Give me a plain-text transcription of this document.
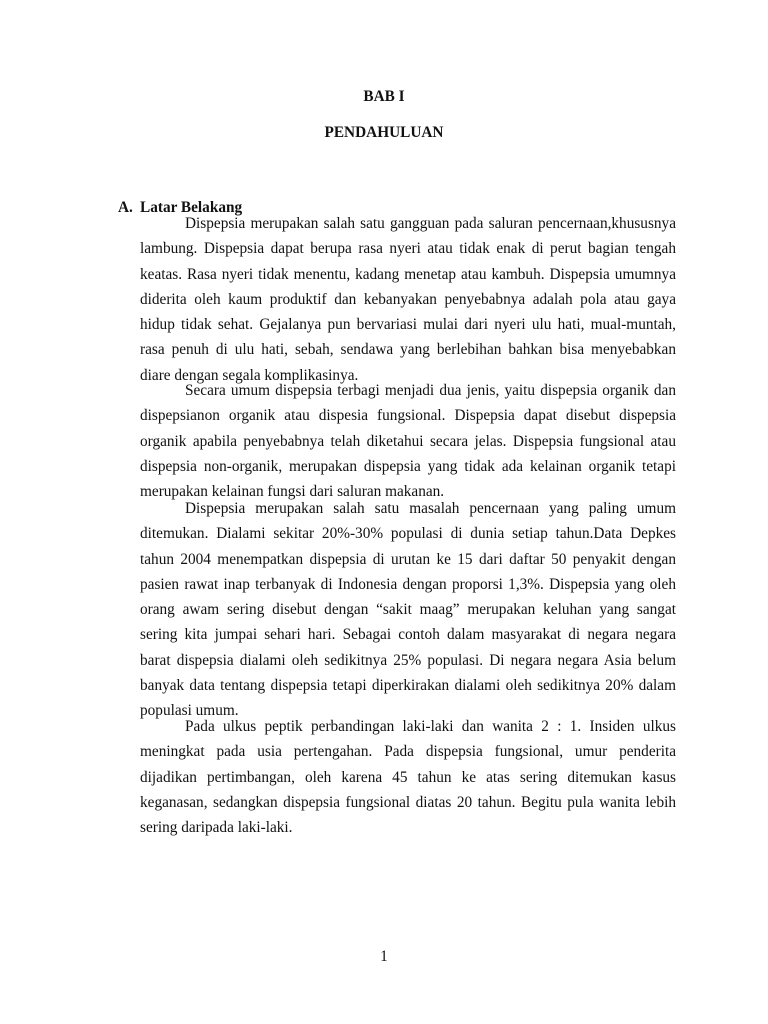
BAB I
PENDAHULUAN
A. Latar Belakang
Dispepsia merupakan salah satu gangguan pada saluran pencernaan,khususnya
lambung. Dispepsia dapat berupa rasa nyeri atau tidak enak di perut bagian tengah
keatas. Rasa nyeri tidak menentu, kadang menetap atau kambuh. Dispepsia umumnya
diderita oleh kaum produktif dan kebanyakan penyebabnya adalah pola atau gaya
hidup tidak sehat. Gejalanya pun bervariasi mulai dari nyeri ulu hati, mual-muntah,
rasa penuh di ulu hati, sebah, sendawa yang berlebihan bahkan bisa menyebabkan
diare dengan segala komplikasinya.
Secara umum dispepsia terbagi menjadi dua jenis, yaitu dispepsia organik dan
dispepsianon organik atau dispesia fungsional. Dispepsia dapat disebut dispepsia
organik apabila penyebabnya telah diketahui secara jelas. Dispepsia fungsional atau
dispepsia non-organik, merupakan dispepsia yang tidak ada kelainan organik tetapi
merupakan kelainan fungsi dari saluran makanan.
Dispepsia merupakan salah satu masalah pencernaan yang paling umum
ditemukan. Dialami sekitar 20%-30% populasi di dunia setiap tahun.Data Depkes
tahun 2004 menempatkan dispepsia di urutan ke 15 dari daftar 50 penyakit dengan
pasien rawat inap terbanyak di Indonesia dengan proporsi 1,3%. Dispepsia yang oleh
orang awam sering disebut dengan “sakit maag” merupakan keluhan yang sangat
sering kita jumpai sehari hari. Sebagai contoh dalam masyarakat di negara negara
barat dispepsia dialami oleh sedikitnya 25% populasi. Di negara negara Asia belum
banyak data tentang dispepsia tetapi diperkirakan dialami oleh sedikitnya 20% dalam
populasi umum.
Pada ulkus peptik perbandingan laki-laki dan wanita 2 : 1. Insiden ulkus
meningkat pada usia pertengahan. Pada dispepsia fungsional, umur penderita
dijadikan pertimbangan, oleh karena 45 tahun ke atas sering ditemukan kasus
keganasan, sedangkan dispepsia fungsional diatas 20 tahun. Begitu pula wanita lebih
sering daripada laki-laki.
1
